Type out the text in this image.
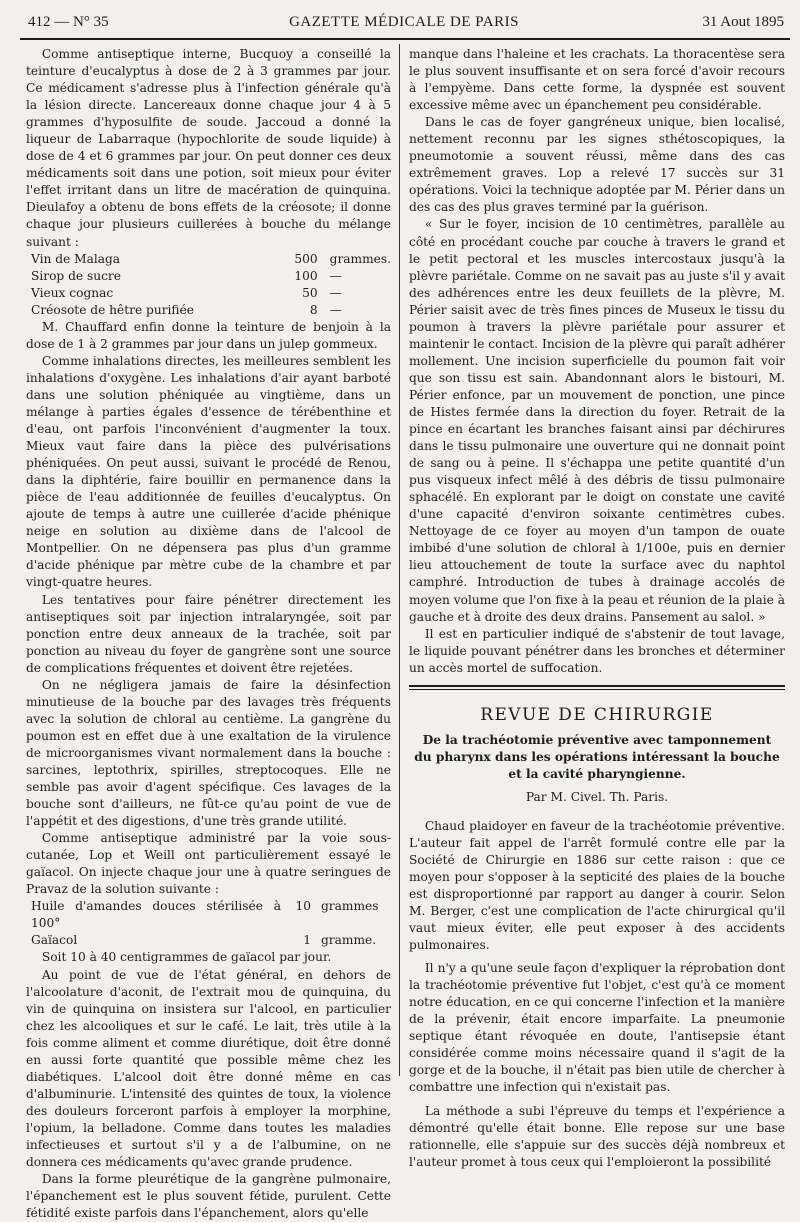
412 — N° 35	GAZETTE MÉDICALE DE PARIS	31 Aout 1895

Comme antiseptique interne, Bucquoy a conseillé la teinture d'eucalyptus à dose de 2 à 3 grammes par jour. Ce médicament s'adresse plus à l'infection générale qu'à la lésion directe. Lancereaux donne chaque jour 4 à 5 grammes d'hyposulfite de soude. Jaccoud a donné la liqueur de Labarraque (hypochlorite de soude liquide) à dose de 4 et 6 grammes par jour. On peut donner ces deux médicaments soit dans une potion, soit mieux pour éviter l'effet irritant dans un litre de macération de quinquina. Dieulafoy a obtenu de bons effets de la créosote; il donne chaque jour plusieurs cuillerées à bouche du mélange suivant :

Vin de Malaga	500	grammes.
Sirop de sucre	100	—
Vieux cognac	50	—
Créosote de hêtre purifiée	8	—

M. Chauffard enfin donne la teinture de benjoin à la dose de 1 à 2 grammes par jour dans un julep gommeux.

Comme inhalations directes, les meilleures semblent les inhalations d'oxygène. Les inhalations d'air ayant barboté dans une solution phéniquée au vingtième, dans un mélange à parties égales d'essence de térébenthine et d'eau, ont parfois l'inconvénient d'augmenter la toux. Mieux vaut faire dans la pièce des pulvérisations phéniquées. On peut aussi, suivant le procédé de Renou, dans la diphtérie, faire bouillir en permanence dans la pièce de l'eau additionnée de feuilles d'eucalyptus. On ajoute de temps à autre une cuillerée d'acide phénique neige en solution au dixième dans de l'alcool de Montpellier. On ne dépensera pas plus d'un gramme d'acide phénique par mètre cube de la chambre et par vingt-quatre heures.

Les tentatives pour faire pénétrer directement les antiseptiques soit par injection intralaryngée, soit par ponction entre deux anneaux de la trachée, soit par ponction au niveau du foyer de gangrène sont une source de complications fréquentes et doivent être rejetées.

On ne négligera jamais de faire la désinfection minutieuse de la bouche par des lavages très fréquents avec la solution de chloral au centième. La gangrène du poumon est en effet due à une exaltation de la virulence de microorganismes vivant normalement dans la bouche : sarcines, leptothrix, spirilles, streptocoques. Elle ne semble pas avoir d'agent spécifique. Ces lavages de la bouche sont d'ailleurs, ne fût-ce qu'au point de vue de l'appétit et des digestions, d'une très grande utilité.

Comme antiseptique administré par la voie sous-cutanée, Lop et Weill ont particulièrement essayé le gaïacol. On injecte chaque jour une à quatre seringues de Pravaz de la solution suivante :

Huile d'amandes douces stérilisée à 100°	10	grammes
Gaïacol	1	gramme.

Soit 10 à 40 centigrammes de gaïacol par jour.

Au point de vue de l'état général, en dehors de l'alcoolature d'aconit, de l'extrait mou de quinquina, du vin de quinquina on insistera sur l'alcool, en particulier chez les alcooliques et sur le café. Le lait, très utile à la fois comme aliment et comme diurétique, doit être donné en aussi forte quantité que possible même chez les diabétiques. L'alcool doit être donné même en cas d'albuminurie. L'intensité des quintes de toux, la violence des douleurs forceront parfois à employer la morphine, l'opium, la belladone. Comme dans toutes les maladies infectieuses et surtout s'il y a de l'albumine, on ne donnera ces médicaments qu'avec grande prudence.

Dans la forme pleurétique de la gangrène pulmonaire, l'épanchement est le plus souvent fétide, purulent. Cette fétidité existe parfois dans l'épanchement, alors qu'elle

manque dans l'haleine et les crachats. La thoracentèse sera le plus souvent insuffisante et on sera forcé d'avoir recours à l'empyème. Dans cette forme, la dyspnée est souvent excessive même avec un épanchement peu considérable.

Dans le cas de foyer gangréneux unique, bien localisé, nettement reconnu par les signes sthétoscopiques, la pneumotomie a souvent réussi, même dans des cas extrêmement graves. Lop a relevé 17 succès sur 31 opérations. Voici la technique adoptée par M. Périer dans un des cas des plus graves terminé par la guérison.

« Sur le foyer, incision de 10 centimètres, parallèle au côté en procédant couche par couche à travers le grand et le petit pectoral et les muscles intercostaux jusqu'à la plèvre pariétale. Comme on ne savait pas au juste s'il y avait des adhérences entre les deux feuillets de la plèvre, M. Périer saisit avec de très fines pinces de Museux le tissu du poumon à travers la plèvre pariétale pour assurer et maintenir le contact. Incision de la plèvre qui paraît adhérer mollement. Une incision superficielle du poumon fait voir que son tissu est sain. Abandonnant alors le bistouri, M. Périer enfonce, par un mouvement de ponction, une pince de Histes fermée dans la direction du foyer. Retrait de la pince en écartant les branches faisant ainsi par déchirures dans le tissu pulmonaire une ouverture qui ne donnait point de sang ou à peine. Il s'échappa une petite quantité d'un pus visqueux infect mêlé à des débris de tissu pulmonaire sphacélé. En explorant par le doigt on constate une cavité d'une capacité d'environ soixante centimètres cubes. Nettoyage de ce foyer au moyen d'un tampon de ouate imbibé d'une solution de chloral à 1/100e, puis en dernier lieu attouchement de toute la surface avec du naphtol camphré. Introduction de tubes à drainage accolés de moyen volume que l'on fixe à la peau et réunion de la plaie à gauche et à droite des deux drains. Pansement au salol. »

Il est en particulier indiqué de s'abstenir de tout lavage, le liquide pouvant pénétrer dans les bronches et déterminer un accès mortel de suffocation.

REVUE DE CHIRURGIE
De la trachéotomie préventive avec tamponnement du pharynx dans les opérations intéressant la bouche et la cavité pharyngienne.
Par M. Civel. Th. Paris.

Chaud plaidoyer en faveur de la trachéotomie préventive. L'auteur fait appel de l'arrêt formulé contre elle par la Société de Chirurgie en 1886 sur cette raison : que ce moyen pour s'opposer à la septicité des plaies de la bouche est disproportionné par rapport au danger à courir. Selon M. Berger, c'est une complication de l'acte chirurgical qu'il vaut mieux éviter, elle peut exposer à des accidents pulmonaires.

Il n'y a qu'une seule façon d'expliquer la réprobation dont la trachéotomie préventive fut l'objet, c'est qu'à ce moment notre éducation, en ce qui concerne l'infection et la manière de la prévenir, était encore imparfaite. La pneumonie septique étant révoquée en doute, l'antisepsie étant considérée comme moins nécessaire quand il s'agit de la gorge et de la bouche, il n'était pas bien utile de chercher à combattre une infection qui n'existait pas.

La méthode a subi l'épreuve du temps et l'expérience a démontré qu'elle était bonne. Elle repose sur une base rationnelle, elle s'appuie sur des succès déjà nombreux et l'auteur promet à tous ceux qui l'emploieront la possibilité
